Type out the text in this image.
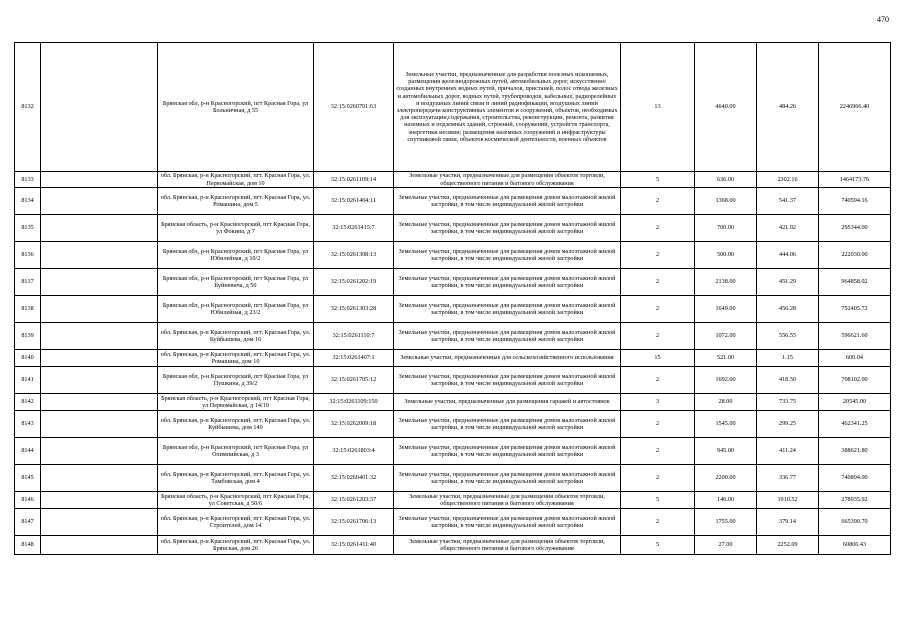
470
8132		Брянская обл, р-н Красногорский, пгт Красная Гора, ул Больничная, д 55	32:15:0260701:63	Земельные участки, предназначенные для разработки полезных ископаемых, размещения железнодорожных путей, автомобильных дорог, искусственно созданных внутренних водных путей, причалов, пристаней, полос отвода железных и автомобильных дорог, водных путей, трубопроводов, кабельных, радиорелейных и воздушных линий связи и линий радиофикации, воздушных линий электропередачи конструктивных элементов и сооружений, объектов, необходимых для эксплуатации,содержания, строительства, реконструкции, ремонта, развития наземных и подземных зданий, строений, сооружений, устройств транспорта, энергетики иесвязи; размещения наземных сооружений и инфраструктуры спутниковой связи, объектов космической деятельности, военных объектов	13	4640.00	484.26	2246966.40
8133		обл. Брянская, р-н Красногорский, пгт. Красная Гора, ул. Первомайская, дом 10	32:15:0261109:14	Земельные участки, предназначенные для размещения объектов торговли, общественного питания и бытового обслуживания	5	636.00	2302.16	1464173.76
8134		обл. Брянская, р-н Красногорский, пгт. Красная Гора, ул. Ромашина, дом 5	32:15:0261404:11	Земельные участки, предназначенные для размещения домов малоэтажной жилой застройки, в том числе индивидуальной жилой застройки	2	1368.00	541.37	740594.16
8135		Брянская область, р-н Красногорский, пгт Красная Гора, ул Фокина, д 7	32:15:0261415:7	Земельные участки, предназначенные для размещения домов малоэтажной жилой застройки, в том числе индивидуальной жилой застройки	2	700.00	421.92	295344.00
8136		Брянская обл, р-н Красногорский, пгт Красная Гора, ул Юбилейная, д 10/2	32:15:0261308:13	Земельные участки, предназначенные для размещения домов малоэтажной жилой застройки, в том числе индивидуальной жилой застройки	2	500.00	444.06	222030.00
8137		Брянская обл, р-н Красногорский, пгт Красная Гора, ул Буйневича, д 50	32:15:0261202:19	Земельные участки, предназначенные для размещения домов малоэтажной жилой застройки, в том числе индивидуальной жилой застройки	2	2138.00	451.29	964858.02
8138		Брянская обл, р-н Красногорский, пгт Красная Гора, ул Юбилейная, д 23/2	32:15:0261303:28	Земельные участки, предназначенные для размещения домов малоэтажной жилой застройки, в том числе индивидуальной жилой застройки	2	1649.00	456.28	752405.72
8139		обл. Брянская, р-н Красногорский, пгт. Красная Гора, ул. Куйбышева, дом 16	32:15:0261110:7	Земельные участки, предназначенные для размещения домов малоэтажной жилой застройки, в том числе индивидуальной жилой застройки	2	1072.00	556.55	596621.60
8140		обл. Брянская, р-н Красногорский, пгт. Красная Гора, ул. Ромашина, дом 10	32:15:0261407:1	Земельные участки, предназначенные для сельскохозяйственного использования	15	521.00	1.15	600.04
8141		Брянская обл, р-н Красногорский, пгт Красная Гора, ул Пушкина, д 39/2	32:15:0261705:12	Земельные участки, предназначенные для размещения домов малоэтажной жилой застройки, в том числе индивидуальной жилой застройки	2	1692.00	418.50	708102.00
8142		Брянская область, р-н Красногорский, пгт Красная Гора, ул Первомайская, д 14/19	32:15:0261109:150	Земельные участки, предназначенные для размещения гаражей и автостоянок	3	28.00	733.75	20545.00
8143		обл. Брянская, р-н Красногорский, пгт. Красная Гора, ул. Куйбышева, дом 149	32:15:0262009:18	Земельные участки, предназначенные для размещения домов малоэтажной жилой застройки, в том числе индивидуальной жилой застройки	2	1545.00	299.25	462341.25
8144		Брянская обл, р-н Красногорский, пгт Красная Гора, ул Олимпийская, д 3	32:15:0261803:4	Земельные участки, предназначенные для размещения домов малоэтажной жилой застройки, в том числе индивидуальной жилой застройки	2	945.00	411.24	388621.80
8145		обл. Брянская, р-н Красногорский, пгт. Красная Гора, ул. Тамбовская, дом 4	32:15:0260401:32	Земельные участки, предназначенные для размещения домов малоэтажной жилой застройки, в том числе индивидуальной жилой застройки	2	2200.00	336.77	740894.00
8146		Брянская область, р-н Красногорский, пгт Красная Гора, ул Советская, д 50/6	32:15:0261203:37	Земельные участки, предназначенные для размещения объектов торговли, общественного питания и бытового обслуживания	5	146.00	1910.52	278935.92
8147		обл. Брянская, р-н Красногорский, пгт. Красная Гора, ул. Строителей, дом 14	32:15:0261706:13	Земельные участки, предназначенные для размещения домов малоэтажной жилой застройки, в том числе индивидуальной жилой застройки	2	1755.00	379.14	665390.70
8148		обл. Брянская, р-н Красногорский, пгт. Красная Гора, ул. Брянская, дом 26	32:15:0261411:40	Земельные участки, предназначенные для размещения объектов торговли, общественного питания и бытового обслуживания	5	27.00	2252.09	60806.43
